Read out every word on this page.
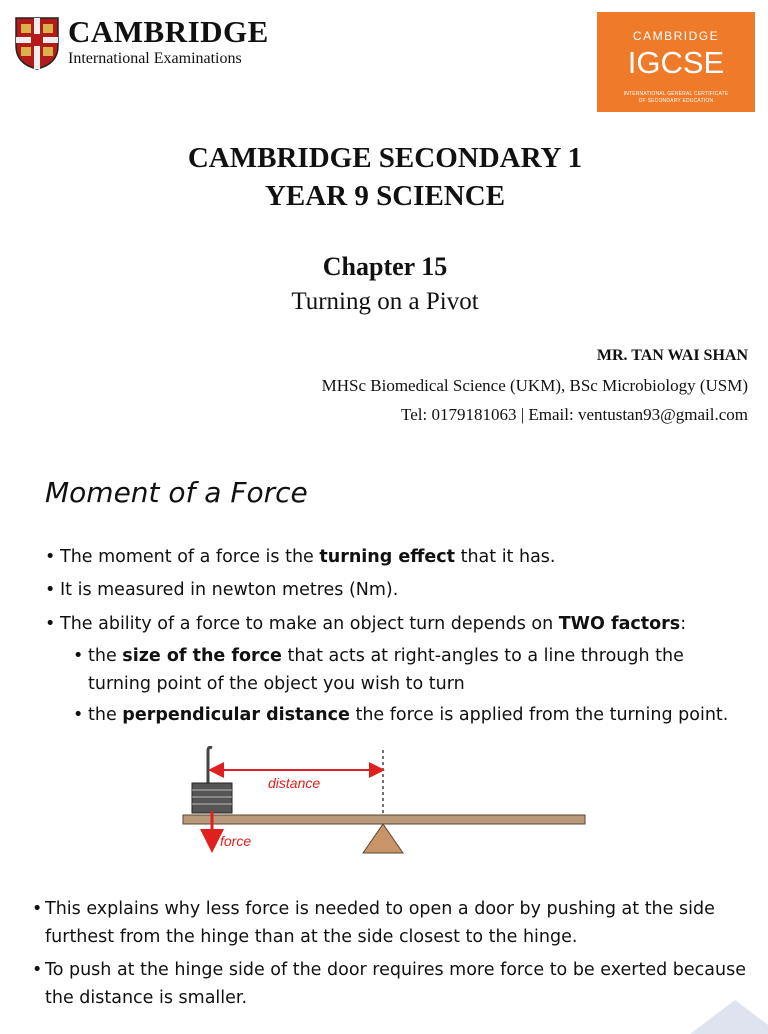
CAMBRIDGE
International Examinations
CAMBRIDGE
IGCSE
INTERNATIONAL GENERAL CERTIFICATE
OF SECONDARY EDUCATION
CAMBRIDGE SECONDARY 1
YEAR 9 SCIENCE
Chapter 15
Turning on a Pivot
MR. TAN WAI SHAN
MHSc Biomedical Science (UKM), BSc Microbiology (USM)
Tel: 0179181063 | Email: ventustan93@gmail.com
Moment of a Force
• The moment of a force is the turning effect that it has.
• It is measured in newton metres (Nm).
• The ability of a force to make an object turn depends on TWO factors:
• the size of the force that acts at right-angles to a line through the turning point of the object you wish to turn
• the perpendicular distance the force is applied from the turning point.
distance
force
• This explains why less force is needed to open a door by pushing at the side furthest from the hinge than at the side closest to the hinge.
• To push at the hinge side of the door requires more force to be exerted because the distance is smaller.
